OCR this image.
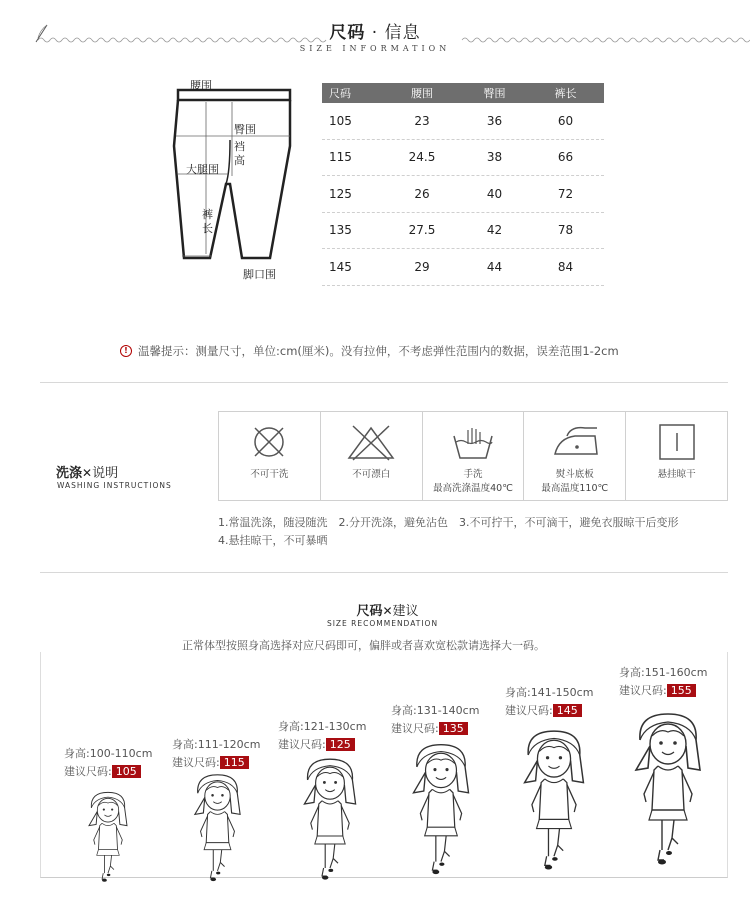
尺码 · 信息
SIZE INFORMATION
腰围
臀围
裆高
大腿围
裤长
脚口围
尺码	腰围	臀围	裤长
105	23	36	60
115	24.5	38	66
125	26	40	72
135	27.5	42	78
145	29	44	84
! 温馨提示：测量尺寸，单位:cm(厘米)。没有拉伸，不考虑弹性范围内的数据，误差范围1-2cm
洗涤✕说明
WASHING INSTRUCTIONS
不可干洗	不可漂白	手洗
最高洗涤温度40℃
熨斗底板
最高温度110℃
悬挂晾干
1.常温洗涤，随浸随洗　2.分开洗涤，避免沾色　3.不可拧干，不可滴干，避免衣服晾干后变形
4.悬挂晾干，不可暴晒
尺码✕建议
SIZE RECOMMENDATION
正常体型按照身高选择对应尺码即可，偏胖或者喜欢宽松款请选择大一码。
身高:100-110cm
建议尺码: 105
身高:111-120cm
建议尺码: 115
身高:121-130cm
建议尺码: 125
身高:131-140cm
建议尺码: 135
身高:141-150cm
建议尺码: 145
身高:151-160cm
建议尺码: 155
